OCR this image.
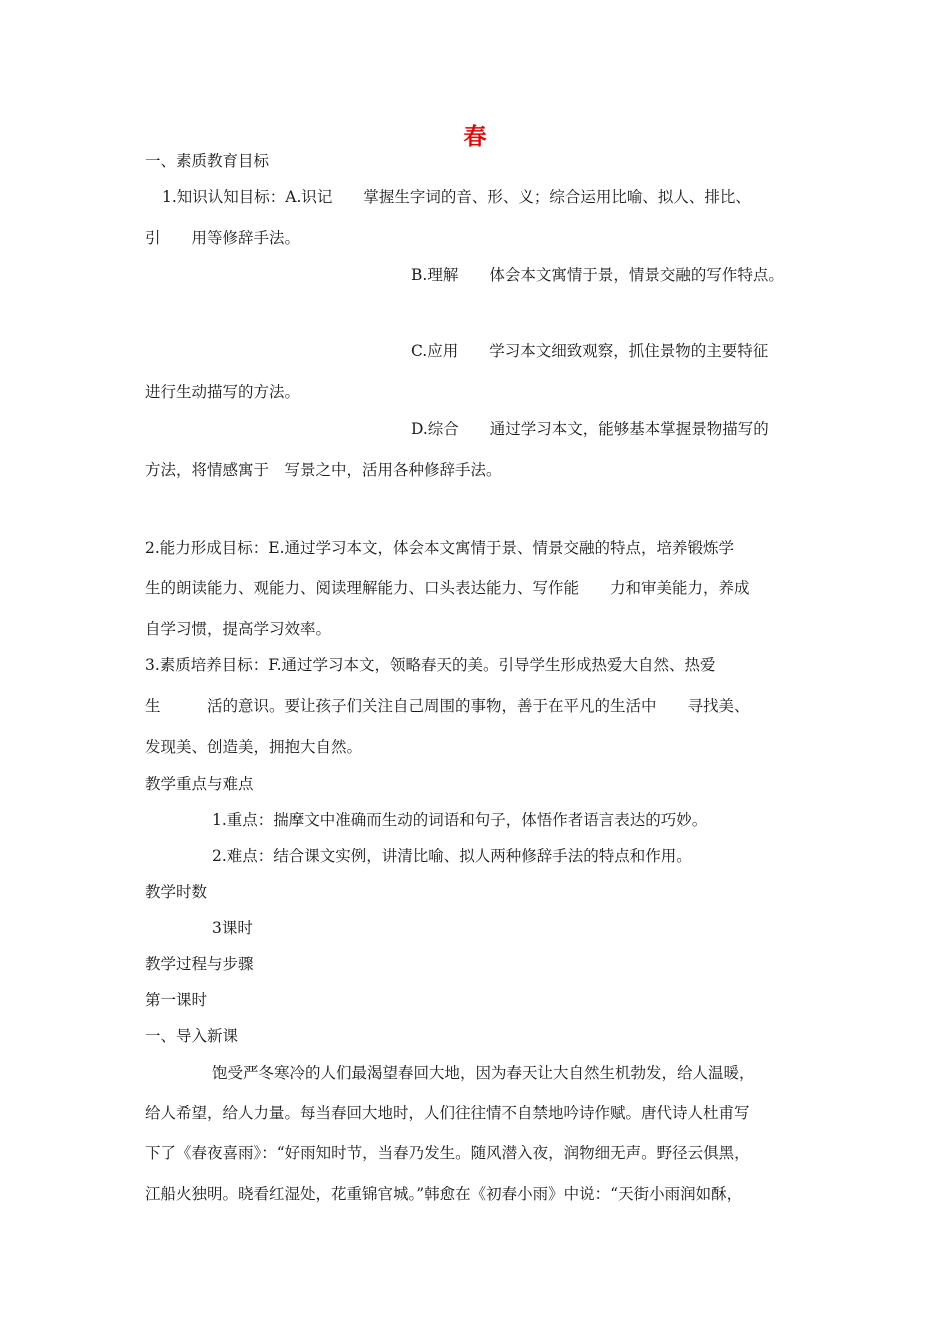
春
一、素质教育目标
1.知识认知目标：A.识记　　掌握生字词的音、形、义；综合运用比喻、拟人、排比、
引　　用等修辞手法。
B.理解　　体会本文寓情于景，情景交融的写作特点。
C.应用　　学习本文细致观察，抓住景物的主要特征
进行生动描写的方法。
D.综合　　通过学习本文，能够基本掌握景物描写的
方法，将情感寓于　写景之中，活用各种修辞手法。
2.能力形成目标：E.通过学习本文，体会本文寓情于景、情景交融的特点，培养锻炼学
生的朗读能力、观能力、阅读理解能力、口头表达能力、写作能　　力和审美能力，养成
自学习惯，提高学习效率。
3.素质培养目标：F.通过学习本文，领略春天的美。引导学生形成热爱大自然、热爱
生　　　活的意识。要让孩子们关注自己周围的事物，善于在平凡的生活中　　寻找美、
发现美、创造美，拥抱大自然。
教学重点与难点
1.重点：揣摩文中准确而生动的词语和句子，体悟作者语言表达的巧妙。
2.难点：结合课文实例，讲清比喻、拟人两种修辞手法的特点和作用。
教学时数
3课时
教学过程与步骤
第一课时
一、导入新课
饱受严冬寒冷的人们最渴望春回大地，因为春天让大自然生机勃发，给人温暖，
给人希望，给人力量。每当春回大地时，人们往往情不自禁地吟诗作赋。唐代诗人杜甫写
下了《春夜喜雨》：“好雨知时节，当春乃发生。随风潜入夜，润物细无声。野径云俱黑，
江船火独明。晓看红湿处，花重锦官城。”韩愈在《初春小雨》中说：“天街小雨润如酥，
